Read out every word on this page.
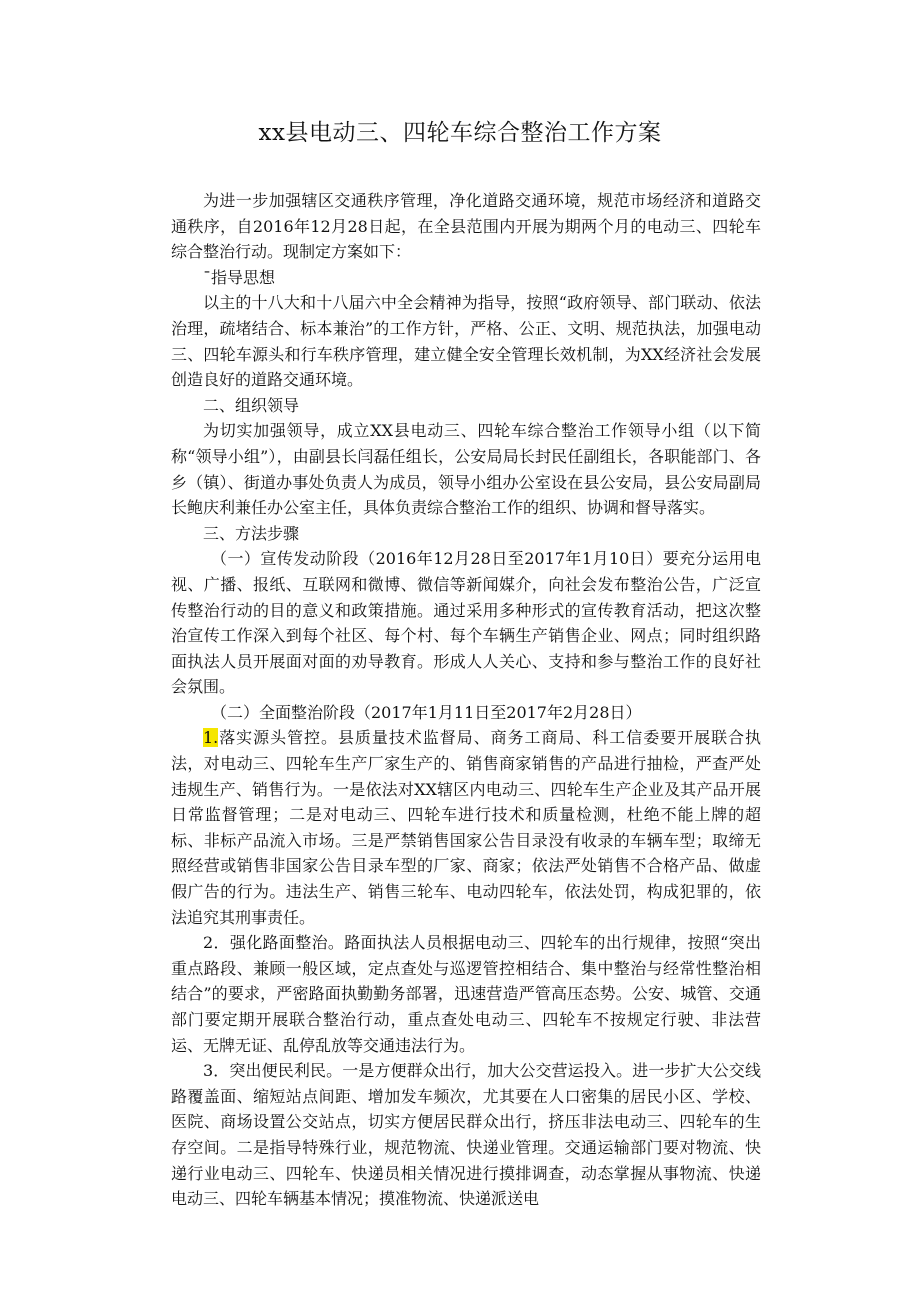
xx县电动三、四轮车综合整治工作方案

为进一步加强辖区交通秩序管理，净化道路交通环境，规范市场经济和道路交通秩序，自2016年12月28日起，在全县范围内开展为期两个月的电动三、四轮车综合整治行动。现制定方案如下：

ˉ指导思想

以主的十八大和十八届六中全会精神为指导，按照“政府领导、部门联动、依法治理，疏堵结合、标本兼治”的工作方针，严格、公正、文明、规范执法，加强电动三、四轮车源头和行车秩序管理，建立健全安全管理长效机制，为XX经济社会发展创造良好的道路交通环境。

二、组织领导

为切实加强领导，成立XX县电动三、四轮车综合整治工作领导小组（以下简称“领导小组”），由副县长闫磊任组长，公安局局长封民任副组长，各职能部门、各乡（镇）、街道办事处负责人为成员，领导小组办公室设在县公安局，县公安局副局长鲍庆利兼任办公室主任，具体负责综合整治工作的组织、协调和督导落实。

三、方法步骤

（一）宣传发动阶段（2016年12月28日至2017年1月10日）要充分运用电视、广播、报纸、互联网和微博、微信等新闻媒介，向社会发布整治公告，广泛宣传整治行动的目的意义和政策措施。通过采用多种形式的宣传教育活动，把这次整治宣传工作深入到每个社区、每个村、每个车辆生产销售企业、网点；同时组织路面执法人员开展面对面的劝导教育。形成人人关心、支持和参与整治工作的良好社会氛围。

（二）全面整治阶段（2017年1月11日至2017年2月28日）

1.落实源头管控。县质量技术监督局、商务工商局、科工信委要开展联合执法，对电动三、四轮车生产厂家生产的、销售商家销售的产品进行抽检，严查严处违规生产、销售行为。一是依法对XX辖区内电动三、四轮车生产企业及其产品开展日常监督管理；二是对电动三、四轮车进行技术和质量检测，杜绝不能上牌的超标、非标产品流入市场。三是严禁销售国家公告目录没有收录的车辆车型；取缔无照经营或销售非国家公告目录车型的厂家、商家；依法严处销售不合格产品、做虚假广告的行为。违法生产、销售三轮车、电动四轮车，依法处罚，构成犯罪的，依法追究其刑事责任。

2．强化路面整治。路面执法人员根据电动三、四轮车的出行规律，按照“突出重点路段、兼顾一般区域，定点查处与巡逻管控相结合、集中整治与经常性整治相结合”的要求，严密路面执勤勤务部署，迅速营造严管高压态势。公安、城管、交通部门要定期开展联合整治行动，重点查处电动三、四轮车不按规定行驶、非法营运、无牌无证、乱停乱放等交通违法行为。

3．突出便民利民。一是方便群众出行，加大公交营运投入。进一步扩大公交线路覆盖面、缩短站点间距、增加发车频次，尤其要在人口密集的居民小区、学校、医院、商场设置公交站点，切实方便居民群众出行，挤压非法电动三、四轮车的生存空间。二是指导特殊行业，规范物流、快递业管理。交通运输部门要对物流、快递行业电动三、四轮车、快递员相关情况进行摸排调查，动态掌握从事物流、快递电动三、四轮车辆基本情况；摸准物流、快递派送电
